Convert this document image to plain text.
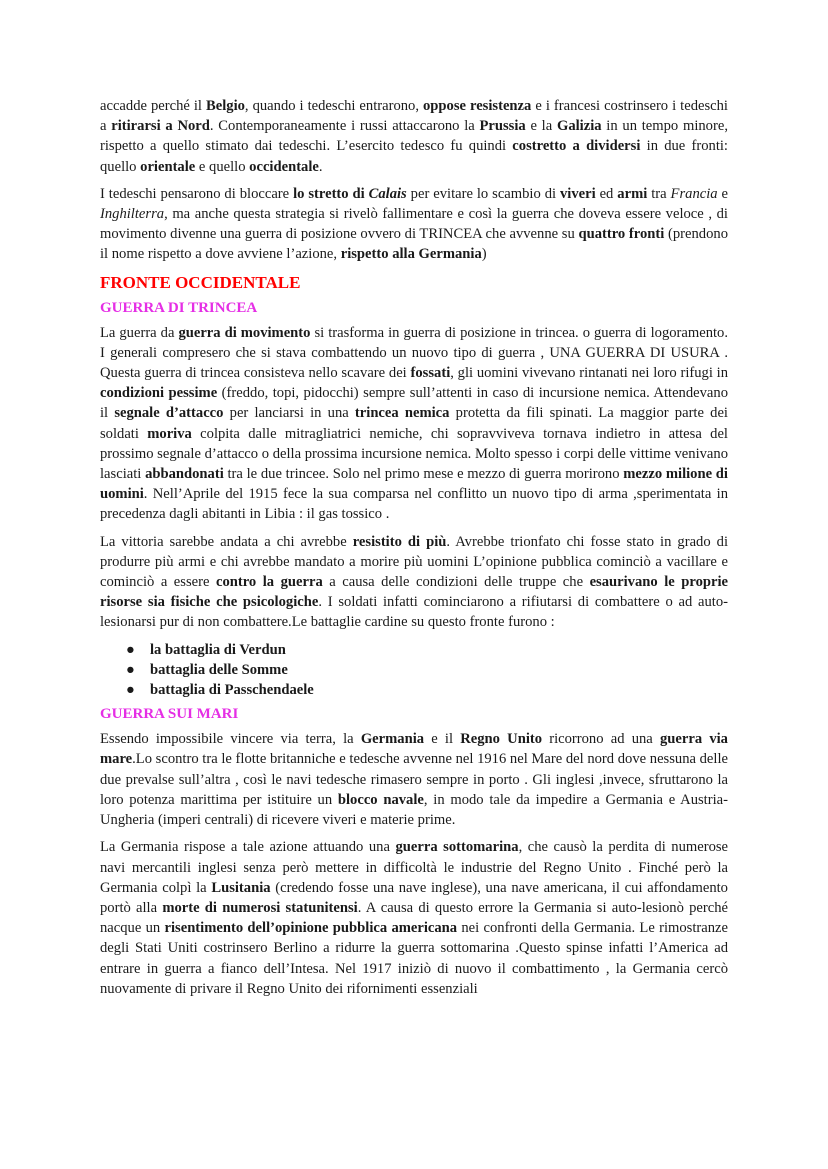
accadde perché il Belgio, quando i tedeschi entrarono, oppose resistenza e i francesi costrinsero i tedeschi a ritirarsi a Nord. Contemporaneamente i russi attaccarono la Prussia e la Galizia in un tempo minore, rispetto a quello stimato dai tedeschi. L’esercito tedesco fu quindi costretto a dividersi in due fronti: quello orientale e quello occidentale.

I tedeschi pensarono di bloccare lo stretto di Calais per evitare lo scambio di viveri ed armi tra Francia e Inghilterra, ma anche questa strategia si rivelò fallimentare e così la guerra che doveva essere veloce , di movimento divenne una guerra di posizione ovvero di TRINCEA che avvenne su quattro fronti (prendono il nome rispetto a dove avviene l’azione, rispetto alla Germania)

FRONTE OCCIDENTALE
GUERRA DI TRINCEA

La guerra da guerra di movimento si trasforma in guerra di posizione in trincea. o guerra di logoramento. I generali compresero che si stava combattendo un nuovo tipo di guerra , UNA GUERRA DI USURA . Questa guerra di trincea consisteva nello scavare dei fossati, gli uomini vivevano rintanati nei loro rifugi in condizioni pessime (freddo, topi, pidocchi) sempre sull’attenti in caso di incursione nemica. Attendevano il segnale d’attacco per lanciarsi in una trincea nemica protetta da fili spinati. La maggior parte dei soldati moriva colpita dalle mitragliatrici nemiche, chi sopravviveva tornava indietro in attesa del prossimo segnale d’attacco o della prossima incursione nemica. Molto spesso i corpi delle vittime venivano lasciati abbandonati tra le due trincee. Solo nel primo mese e mezzo di guerra morirono mezzo milione di uomini. Nell’Aprile del 1915 fece la sua comparsa nel conflitto un nuovo tipo di arma ,sperimentata in precedenza dagli abitanti in Libia : il gas tossico .

La vittoria sarebbe andata a chi avrebbe resistito di più. Avrebbe trionfato chi fosse stato in grado di produrre più armi e chi avrebbe mandato a morire più uomini L’opinione pubblica cominciò a vacillare e cominciò a essere contro la guerra a causa delle condizioni delle truppe che esaurivano le proprie risorse sia fisiche che psicologiche. I soldati infatti cominciarono a rifiutarsi di combattere o ad auto-lesionarsi pur di non combattere.Le battaglie cardine su questo fronte furono :

● la battaglia di Verdun
● battaglia delle Somme
● battaglia di Passchendaele
GUERRA SUI MARI

Essendo impossibile vincere via terra, la Germania e il Regno Unito ricorrono ad una guerra via mare.Lo scontro tra le flotte britanniche e tedesche avvenne nel 1916 nel Mare del nord dove nessuna delle due prevalse sull’altra , così le navi tedesche rimasero sempre in porto . Gli inglesi ,invece, sfruttarono la loro potenza marittima per istituire un blocco navale, in modo tale da impedire a Germania e Austria-Ungheria (imperi centrali) di ricevere viveri e materie prime.

La Germania rispose a tale azione attuando una guerra sottomarina, che causò la perdita di numerose navi mercantili inglesi senza però mettere in difficoltà le industrie del Regno Unito . Finché però la Germania colpì la Lusitania (credendo fosse una nave inglese), una nave americana, il cui affondamento portò alla morte di numerosi statunitensi. A causa di questo errore la Germania si auto-lesionò perché nacque un risentimento dell’opinione pubblica americana nei confronti della Germania. Le rimostranze degli Stati Uniti costrinsero Berlino a ridurre la guerra sottomarina .Questo spinse infatti l’America ad entrare in guerra a fianco dell’Intesa. Nel 1917 iniziò di nuovo il combattimento , la Germania cercò nuovamente di privare il Regno Unito dei rifornimenti essenziali
